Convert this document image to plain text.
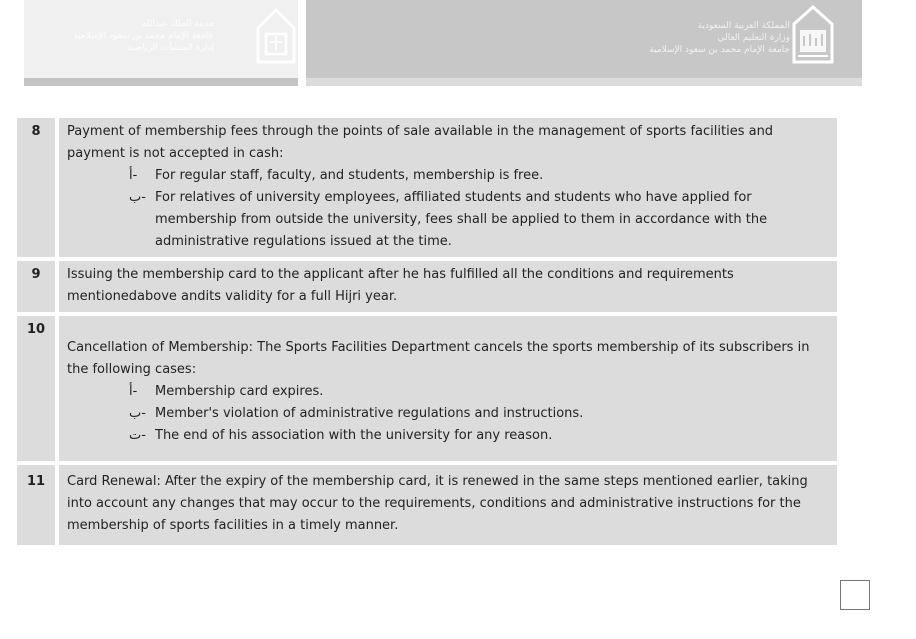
مدينة الملك عبدالله
جامعة الإمام محمد بن سعود الإسلامية
إدارة المنشآت الرياضية
المملكة العربية السعودية
وزارة التعليم العالي
جامعة الإمام محمد بن سعود الإسلامية
8	Payment of membership fees through the points of sale available in the management of sports facilities and payment is not accepted in cash:
أ- For regular staff, faculty, and students, membership is free.
ب- For relatives of university employees, affiliated students and students who have applied for membership from outside the university, fees shall be applied to them in accordance with the administrative regulations issued at the time.

9	Issuing the membership card to the applicant after he has fulfilled all the conditions and requirements mentionedabove andits validity for a full Hijri year.

10	Cancellation of Membership: The Sports Facilities Department cancels the sports membership of its subscribers in the following cases:
أ- Membership card expires.
ب- Member's violation of administrative regulations and instructions.
ت- The end of his association with the university for any reason.

11	Card Renewal: After the expiry of the membership card, it is renewed in the same steps mentioned earlier, taking into account any changes that may occur to the requirements, conditions and administrative instructions for the membership of sports facilities in a timely manner.
